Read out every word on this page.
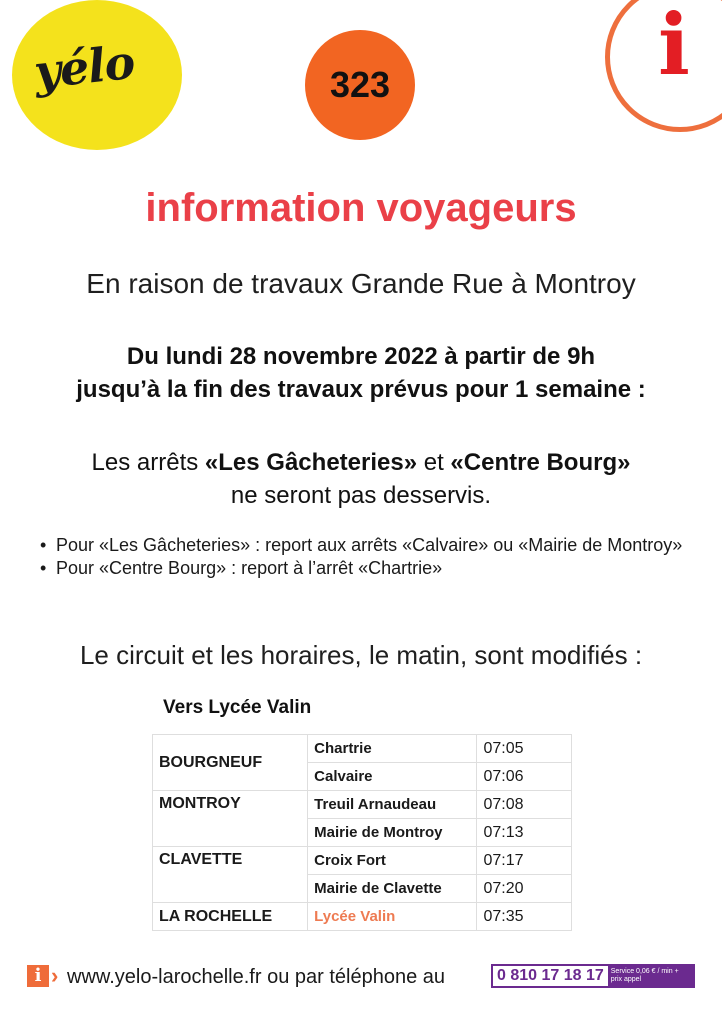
yélo	323	i
information voyageurs
En raison de travaux Grande Rue à Montroy
Du lundi 28 novembre 2022 à partir de 9h
jusqu’à la fin des travaux prévus pour 1 semaine :
Les arrêts «Les Gâcheteries» et «Centre Bourg»
ne seront pas desservis.
• Pour «Les Gâcheteries» : report aux arrêts «Calvaire» ou «Mairie de Montroy»
• Pour «Centre Bourg» : report à l’arrêt «Chartrie»
Le circuit et les horaires, le matin, sont modifiés :
Vers Lycée Valin
BOURGNEUF	Chartrie	07:05
	Calvaire	07:06
MONTROY	Treuil Arnaudeau	07:08
	Mairie de Montroy	07:13
CLAVETTE	Croix Fort	07:17
	Mairie de Clavette	07:20
LA ROCHELLE	Lycée Valin	07:35
i › www.yelo-larochelle.fr ou par téléphone au	0 810 17 18 17	Service 0,06 € / min + prix appel
